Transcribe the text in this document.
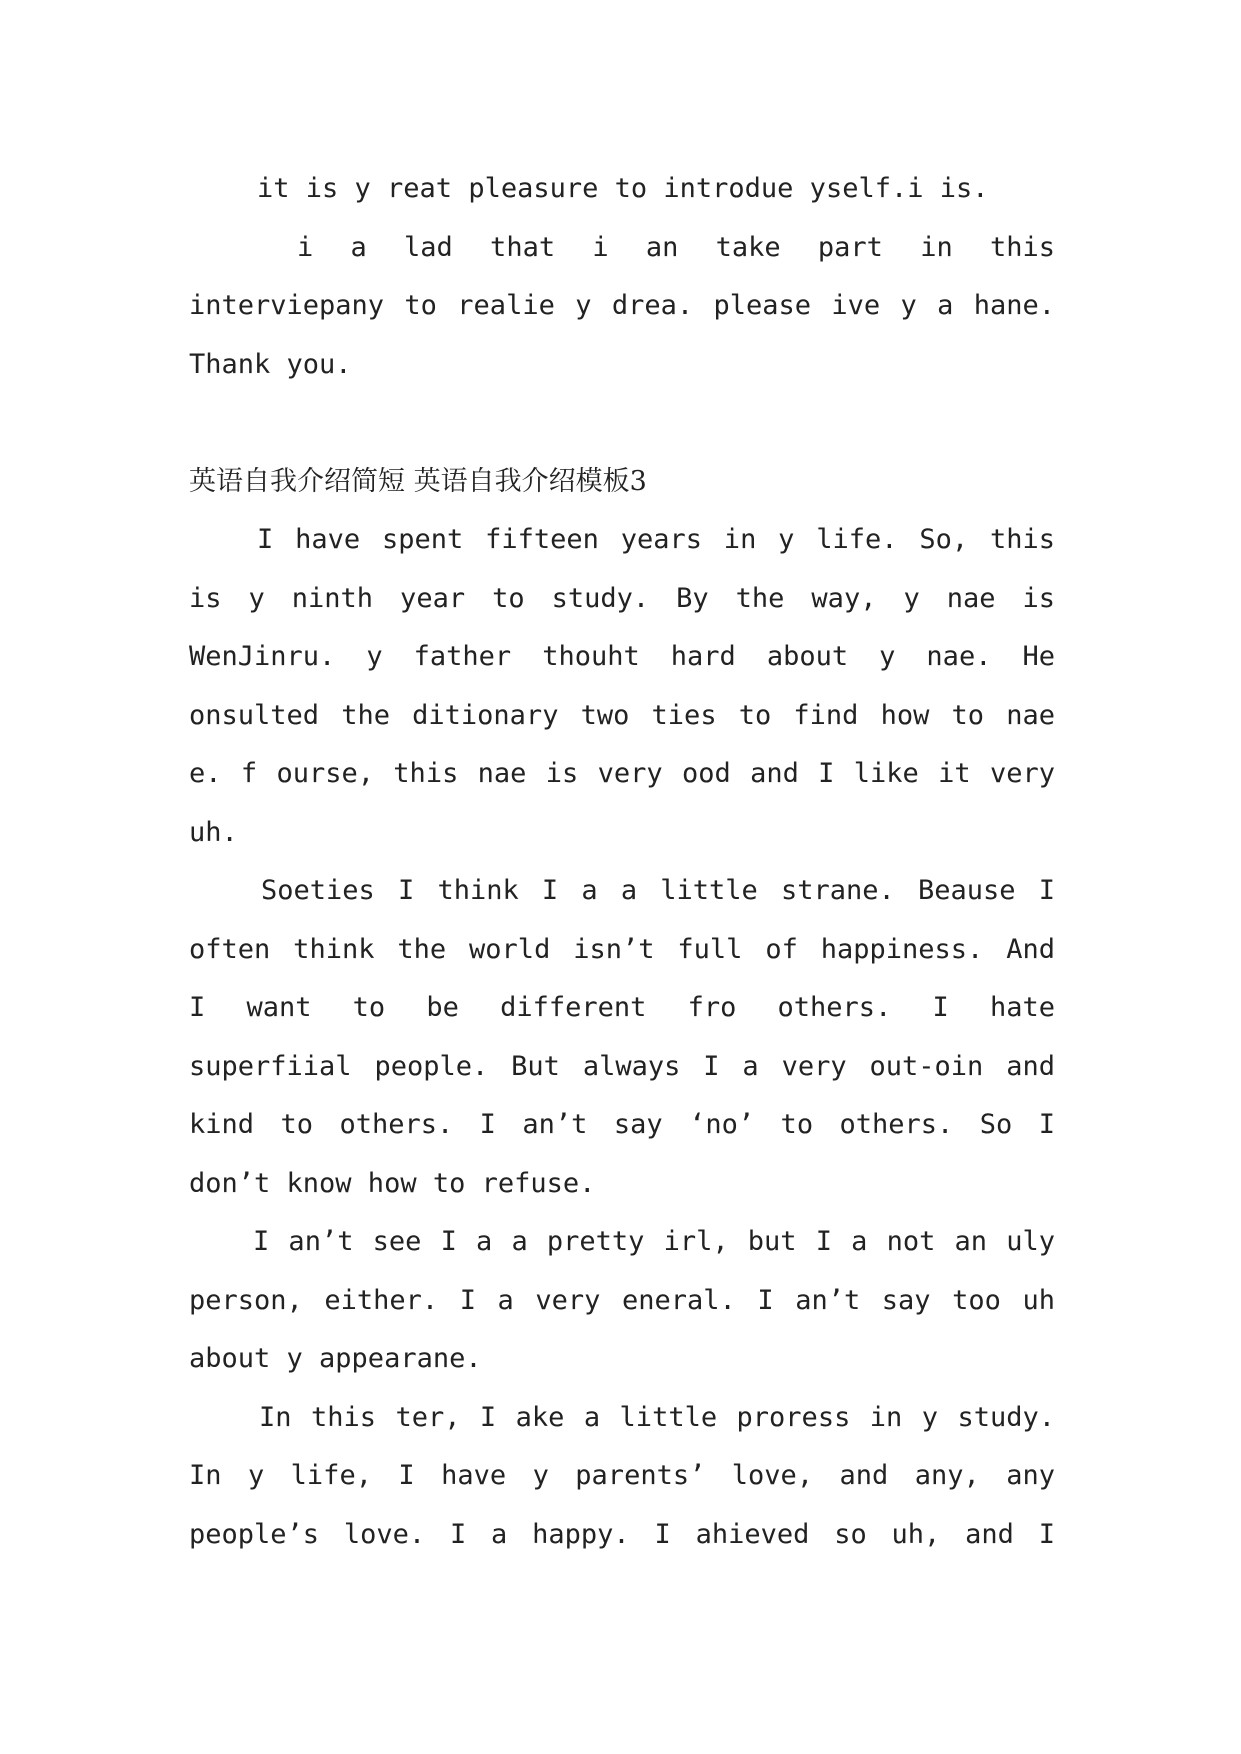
it is y reat pleasure to introdue yself.i is.
i a lad that i an take part in this
interviepany to realie y drea. please ive y a hane.
Thank you.
英语自我介绍简短 英语自我介绍模板3
I have spent fifteen years in y life. So, this
is y ninth year to study. By the way, y nae is
WenJinru. y father thouht hard about y nae. He
onsulted the ditionary two ties to find how to nae
e. f ourse, this nae is very ood and I like it very
uh.
Soeties I think I a a little strane. Beause I
often think the world isn’t full of happiness. And
I want to be different fro others. I hate
superfiial people. But always I a very out-oin and
kind to others. I an’t say ‘no’ to others. So I
don’t know how to refuse.
I an’t see I a a pretty irl, but I a not an uly
person, either. I a very eneral. I an’t say too uh
about y appearane.
In this ter, I ake a little proress in y study.
In y life, I have y parents’ love, and any, any
people’s love. I a happy. I ahieved so uh, and I
